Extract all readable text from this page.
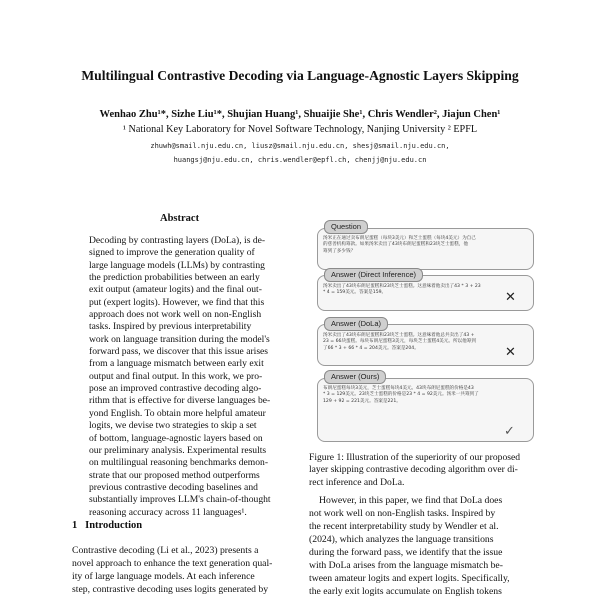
Multilingual Contrastive Decoding via Language-Agnostic Layers Skipping
Wenhao Zhu¹*, Sizhe Liu¹*, Shujian Huang¹, Shuaijie She¹, Chris Wendler², Jiajun Chen¹
¹ National Key Laboratory for Novel Software Technology, Nanjing University ² EPFL
zhuwh@smail.nju.edu.cn, liusz@smail.nju.edu.cn, shesj@smail.nju.edu.cn,
huangsj@nju.edu.cn, chris.wendler@epfl.ch, chenjj@nju.edu.cn
Abstract
Decoding by contrasting layers (DoLa), is de-
signed to improve the generation quality of
large language models (LLMs) by contrasting
the prediction probabilities between an early
exit output (amateur logits) and the final out-
put (expert logits). However, we find that this
approach does not work well on non-English
tasks. Inspired by previous interpretability
work on language transition during the model's
forward pass, we discover that this issue arises
from a language mismatch between early exit
output and final output. In this work, we pro-
pose an improved contrastive decoding algo-
rithm that is effective for diverse languages be-
yond English. To obtain more helpful amateur
logits, we devise two strategies to skip a set
of bottom, language-agnostic layers based on
our preliminary analysis. Experimental results
on multilingual reasoning benchmarks demon-
strate that our proposed method outperforms
previous contrastive decoding baselines and
substantially improves LLM's chain-of-thought
reasoning accuracy across 11 languages¹.
1 Introduction
Contrastive decoding (Li et al., 2023) presents a
novel approach to enhance the text generation qual-
ity of large language models. At each inference
step, contrastive decoding uses logits generated by
Question
汤米正在通过卖布朗尼蛋糕（每块3美元）和芝士蛋糕（每块4美元）为自己
的慈善机构筹款。如果汤米卖出了43块布朗尼蛋糕和23块芝士蛋糕，他
筹到了多少钱？
Answer (Direct Inference)
汤米卖出了43块布朗尼蛋糕和23块芝士蛋糕。这意味着他卖出了43 * 3 + 23
* 4 = 159美元。答案是159。	✕
Answer (DoLa)
汤米卖出了43块布朗尼蛋糕和23块芝士蛋糕。这意味着他总共卖出了43 +
23 = 66块蛋糕。每块布朗尼蛋糕3美元，每块芝士蛋糕4美元。所以他筹到
了66 * 3 + 66 * 4 = 204美元。答案是204。	✕
Answer (Ours)
布朗尼蛋糕每块3美元，芝士蛋糕每块4美元。43块布朗尼蛋糕的价格是43
* 3 = 129美元。23块芝士蛋糕的价格是23 * 4 = 92美元。汤米一共筹到了
129 + 92 = 221美元。答案是221。
✓
Figure 1: Illustration of the superiority of our proposed
layer skipping contrastive decoding algorithm over di-
rect inference and DoLa.
However, in this paper, we find that DoLa does
not work well on non-English tasks. Inspired by
the recent interpretability study by Wendler et al.
(2024), which analyzes the language transitions
during the forward pass, we identify that the issue
with DoLa arises from the language mismatch be-
tween amateur logits and expert logits. Specifically,
the early exit logits accumulate on English tokens
